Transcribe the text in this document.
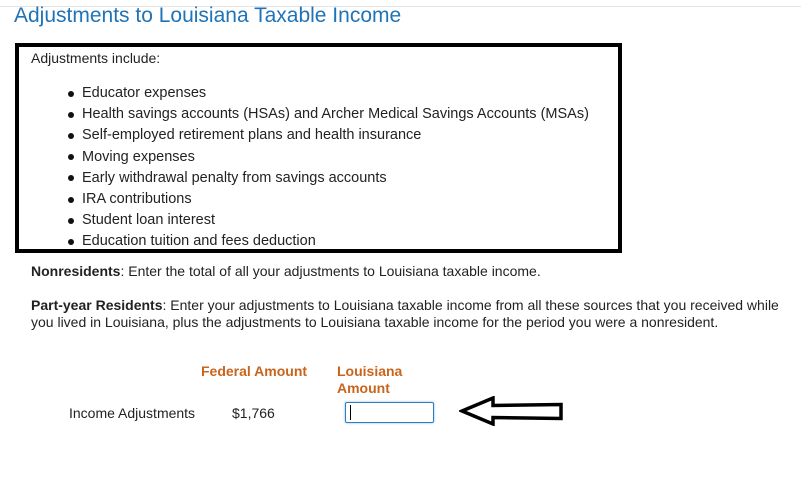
Adjustments to Louisiana Taxable Income
Adjustments include:
Educator expenses
Health savings accounts (HSAs) and Archer Medical Savings Accounts (MSAs)
Self-employed retirement plans and health insurance
Moving expenses
Early withdrawal penalty from savings accounts
IRA contributions
Student loan interest
Education tuition and fees deduction

Nonresidents: Enter the total of all your adjustments to Louisiana taxable income.

Part-year Residents: Enter your adjustments to Louisiana taxable income from all these sources that you received while you lived in Louisiana, plus the adjustments to Louisiana taxable income for the period you were a nonresident.

Federal Amount Louisiana Amount
Income Adjustments	$1,766
